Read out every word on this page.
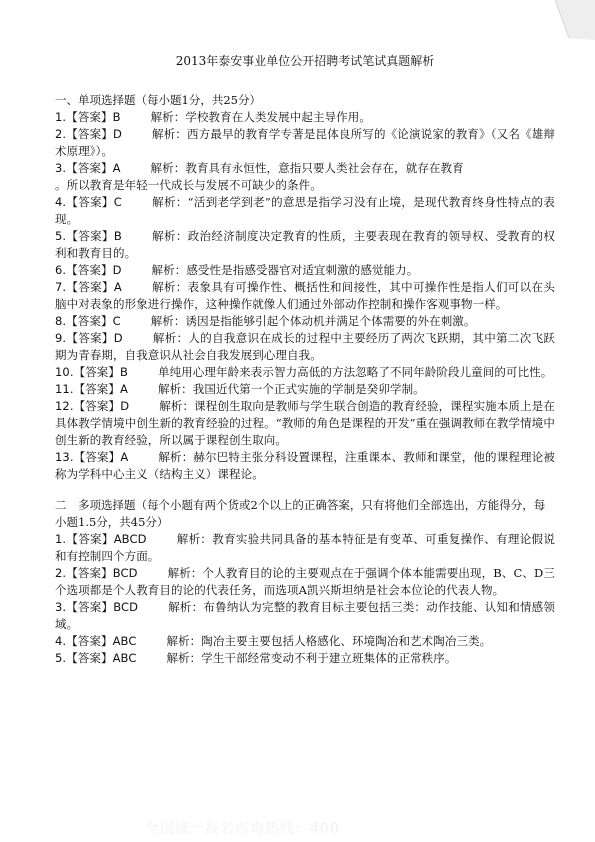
2013年泰安事业单位公开招聘考试笔试真题解析

一、单项选择题（每小题1分，共25分）

1.【答案】B	解析：学校教育在人类发展中起主导作用。

2.【答案】D	解析：西方最早的教育学专著是昆体良所写的《论演说家的教育》（又名《雄辩术原理》）。

3.【答案】A	解析：教育具有永恒性，意指只要人类社会存在，就存在教育

。所以教育是年轻一代成长与发展不可缺少的条件。

4.【答案】C	解析：“活到老学到老”的意思是指学习没有止境，是现代教育终身性特点的表现。

5.【答案】B	解析：政治经济制度决定教育的性质，主要表现在教育的领导权、受教育的权利和教育目的。

6.【答案】D	解析：感受性是指感受器官对适宜刺激的感觉能力。

7.【答案】A	解析：表象具有可操作性、概括性和间接性，其中可操作性是指人们可以在头脑中对表象的形象进行操作，这种操作就像人们通过外部动作控制和操作客观事物一样。

8.【答案】C	解析：诱因是指能够引起个体动机并满足个体需要的外在刺激。

9.【答案】D	解析：人的自我意识在成长的过程中主要经历了两次飞跃期，其中第二次飞跃期为青春期，自我意识从社会自我发展到心理自我。

10.【答案】B	单纯用心理年龄来表示智力高低的方法忽略了不同年龄阶段儿童间的可比性。

11.【答案】A	解析：我国近代第一个正式实施的学制是癸卯学制。

12.【答案】D	解析：课程创生取向是教师与学生联合创造的教育经验，课程实施本质上是在具体教学情境中创生新的教育经验的过程。“教师的角色是课程的开发”重在强调教师在教学情境中创生新的教育经验，所以属于课程创生取向。

13.【答案】A	解析：赫尔巴特主张分科设置课程，注重课本、教师和课堂，他的课程理论被称为学科中心主义（结构主义）课程论。

二　多项选择题（每个小题有两个货或2个以上的正确答案，只有将他们全部选出，方能得分，每小题1.5分，共45分）

1.【答案】ABCD	解析：教育实验共同具备的基本特征是有变革、可重复操作、有理论假说和有控制四个方面。

2.【答案】BCD	解析：个人教育目的论的主要观点在于强调个体本能需要出现，B、C、D三个选项都是个人教育目的论的代表任务，而选项A凯兴斯坦纳是社会本位论的代表人物。

3.【答案】BCD	解析：布鲁纳认为完整的教育目标主要包括三类：动作技能、认知和情感领域。

4.【答案】ABC	解析：陶冶主要主要包括人格感化、环境陶冶和艺术陶冶三类。

5.【答案】ABC	解析：学生干部经常变动不利于建立班集体的正常秩序。

全国统一报名咨询热线：400
